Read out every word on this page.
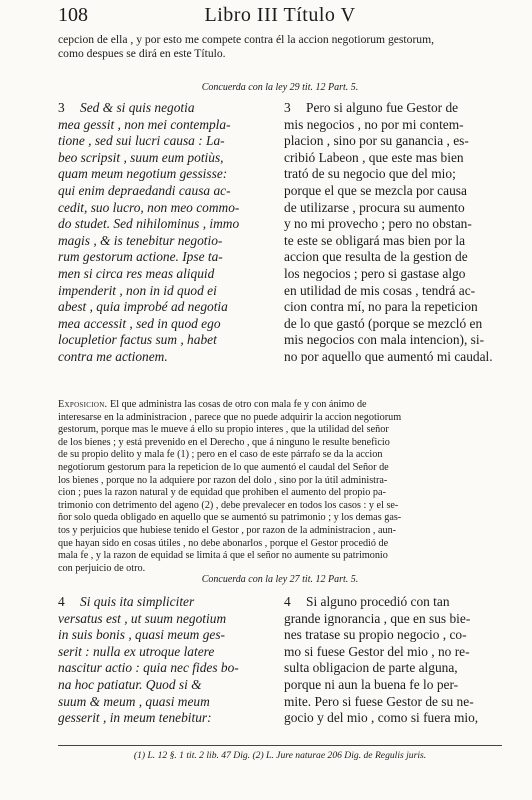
108	Libro III Título V
cepcion de ella , y por esto me compete contra él la accion negotiorum gestorum,
como despues se dirá en este Título.
Concuerda con la ley 29 tit. 12 Part. 5.
3 Sed & si quis negotia
mea gessit , non mei contempla-
tione , sed sui lucri causa : La-
beo scripsit , suum eum potiùs,
quam meum negotium gessisse:
qui enim depraedandi causa ac-
cedit, suo lucro, non meo commo-
do studet. Sed nihilominus , immo
magis , & is tenebitur negotio-
rum gestorum actione. Ipse ta-
men si circa res meas aliquid
impenderit , non in id quod ei
abest , quia improbé ad negotia
mea accessit , sed in quod ego
locupletior factus sum , habet
contra me actionem.
3 Pero si alguno fue Gestor de
mis negocios , no por mi contem-
placion , sino por su ganancia , es-
cribió Labeon , que este mas bien
trató de su negocio que del mio;
porque el que se mezcla por causa
de utilizarse , procura su aumento
y no mi provecho ; pero no obstan-
te este se obligará mas bien por la
accion que resulta de la gestion de
los negocios ; pero si gastase algo
en utilidad de mis cosas , tendrá ac-
cion contra mí, no para la repeticion
de lo que gastó (porque se mezcló en
mis negocios con mala intencion), si-
no por aquello que aumentó mi caudal.
Exposicion. El que administra las cosas de otro con mala fe y con ánimo de
interesarse en la administracion , parece que no puede adquirir la accion negotiorum
gestorum, porque mas le mueve á ello su propio interes , que la utilidad del señor
de los bienes ; y está prevenido en el Derecho , que á ninguno le resulte beneficio
de su propio delito y mala fe (1) ; pero en el caso de este párrafo se da la accion
negotiorum gestorum para la repeticion de lo que aumentó el caudal del Señor de
los bienes , porque no la adquiere por razon del dolo , sino por la útil administra-
cion ; pues la razon natural y de equidad que prohiben el aumento del propio pa-
trimonio con detrimento del ageno (2) , debe prevalecer en todos los casos : y el se-
ñor solo queda obligado en aquello que se aumentó su patrimonio ; y los demas gas-
tos y perjuicios que hubiese tenido el Gestor , por razon de la administracion , aun-
que hayan sido en cosas útiles , no debe abonarlos , porque el Gestor procedió de
mala fe , y la razon de equidad se limita á que el señor no aumente su patrimonio
con perjuicio de otro.
Concuerda con la ley 27 tit. 12 Part. 5.
4 Si quis ita simpliciter
versatus est , ut suum negotium
in suis bonis , quasi meum ges-
serit : nulla ex utroque latere
nascitur actio : quia nec fides bo-
na hoc patiatur. Quod si &
suum & meum , quasi meum
gesserit , in meum tenebitur:
4 Si alguno procedió con tan
grande ignorancia , que en sus bie-
nes tratase su propio negocio , co-
mo si fuese Gestor del mio , no re-
sulta obligacion de parte alguna,
porque ni aun la buena fe lo per-
mite. Pero si fuese Gestor de su ne-
gocio y del mio , como si fuera mio,
(1) L. 12 §. 1 tit. 2 lib. 47 Dig. (2) L. Jure naturae 206 Dig. de Regulis juris.
